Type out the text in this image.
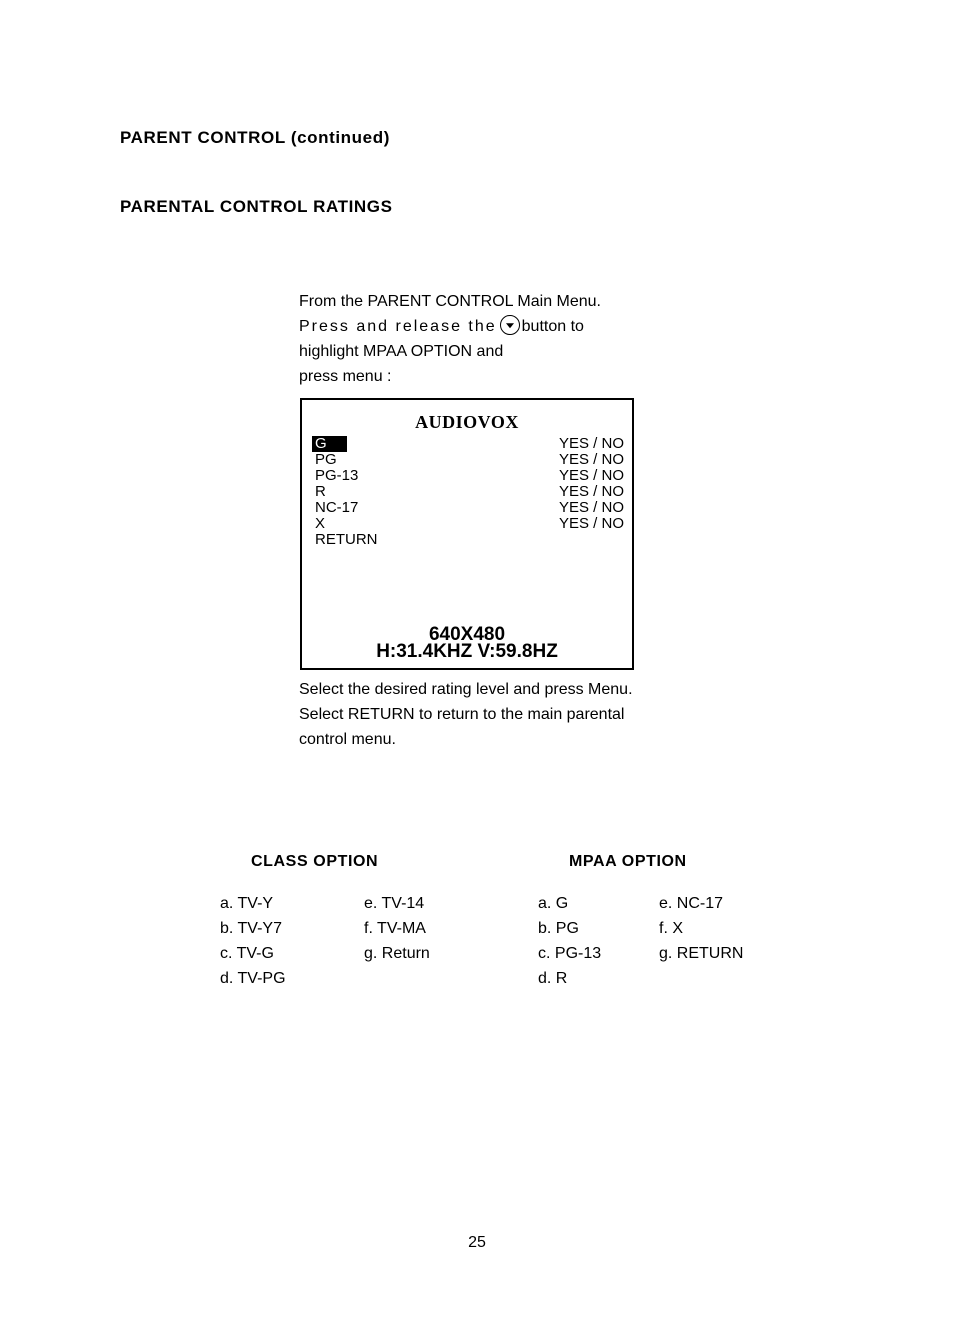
PARENT CONTROL (continued)
PARENTAL CONTROL RATINGS
From the PARENT CONTROL Main Menu.
Press and release the button to
highlight MPAA OPTION and
press menu :
AUDIOVOX
G
PG
PG-13
R
NC-17
X
RETURN
YES / NO
YES / NO
YES / NO
YES / NO
YES / NO
YES / NO
640X480
H:31.4KHZ V:59.8HZ
Select the desired rating level and press Menu.
Select RETURN to return to the main parental
control menu.
CLASS OPTION	MPAA OPTION
a. TV-Y
b. TV-Y7
c. TV-G
d. TV-PG
e. TV-14
f. TV-MA
g. Return
a. G
b. PG
c. PG-13
d. R
e. NC-17
f. X
g. RETURN
25
